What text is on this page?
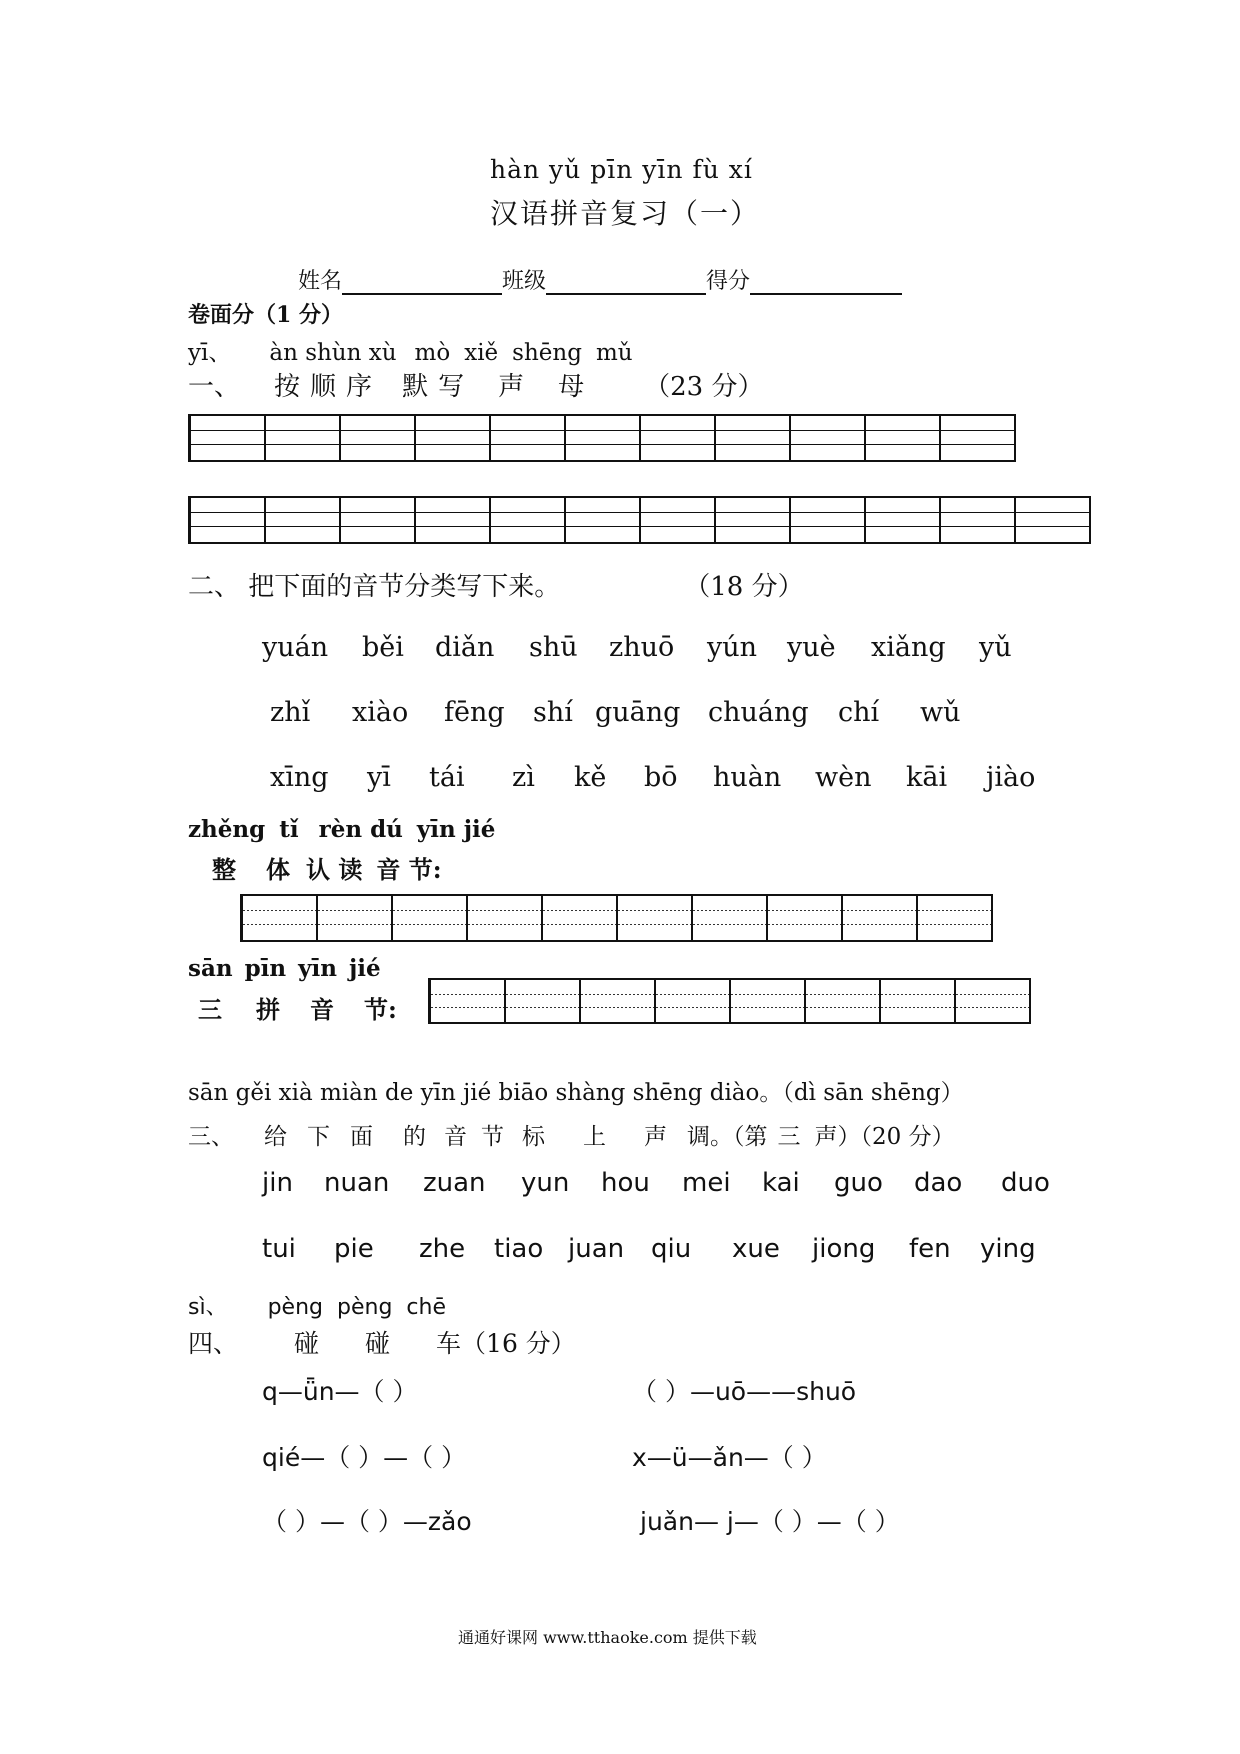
hàn yǔ pīn yīn fù xí
汉语拼音复习（一）
姓名	班级	得分
卷面分（1 分）
yī、 àn shùn xù mò xiě shēng mǔ
一、 按 顺 序 默 写 声 母 （23 分）
二、 把下面的音节分类写下来。	（18 分）
yuán	běi	diǎn	shū	zhuō	yún	yuè	xiǎng	yǔ
zhǐ	xiào	fēng	shí guāng	chuáng	chí	wǔ
xīng	yī	tái	zì	kě	bō	huàn	wèn	kāi	jiào
zhěng tǐ rèn dú yīn jié
整 体 认 读 音 节:
sān pīn yīn jié
三 拼 音 节:
sān gěi xià miàn de yīn jié biāo shàng shēng diào。（dì sān shēng）
三、 给 下 面 的 音 节 标 上 声 调。（第 三 声）（20 分）
jin	nuan	zuan	yun	hou	mei	kai	guo	dao	duo
tui	pie	zhe	tiao juan	qiu	xue	jiong	fen	ying
sì、 pèng pèng chē
四、 碰 碰 车（16 分）
q—ǖn—（ ）	（ ）—uō——shuō
qié—（ ）—（ ）	x—ü—ǎn—（ ）
（ ）—（ ）—zǎo	juǎn— j—（ ）—（ ）
通通好课网 www.tthaoke.com 提供下载
